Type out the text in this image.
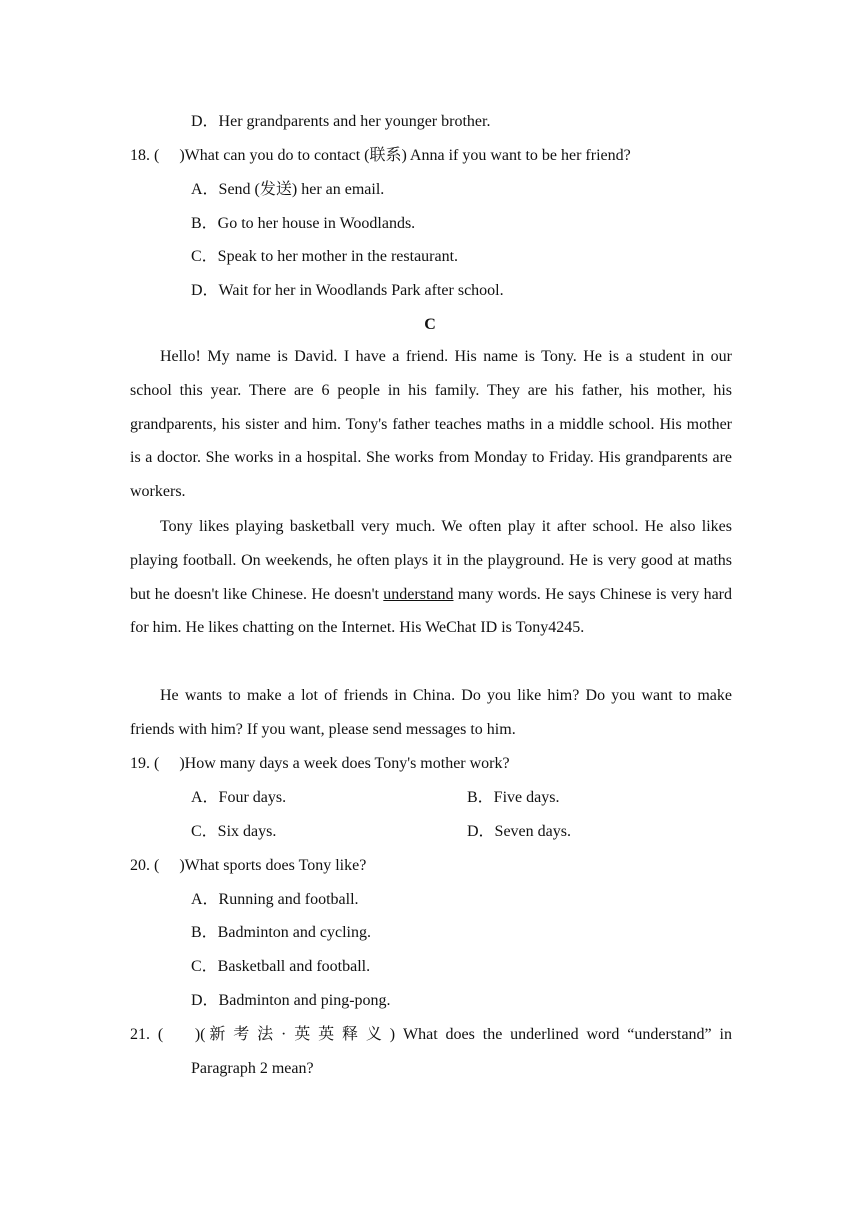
D．Her grandparents and her younger brother.
18. (　 )What can you do to contact (联系) Anna if you want to be her friend?
A．Send (发送) her an email.
B．Go to her house in Woodlands.
C．Speak to her mother in the restaurant.
D．Wait for her in Woodlands Park after school.
C
Hello! My name is David. I have a friend. His name is Tony. He is a student in our school this year. There are 6 people in his family. They are his father, his mother, his grandparents, his sister and him. Tony's father teaches maths in a middle school. His mother is a doctor. She works in a hospital. She works from Monday to Friday. His grandparents are workers.
Tony likes playing basketball very much. We often play it after school. He also likes playing football. On weekends, he often plays it in the playground. He is very good at maths but he doesn't like Chinese. He doesn't understand many words. He says Chinese is very hard for him. He likes chatting on the Internet. His WeChat ID is Tony4245.
He wants to make a lot of friends in China. Do you like him? Do you want to make friends with him? If you want, please send messages to him.
19. (　 )How many days a week does Tony's mother work?
A．Four days.	B．Five days.
C．Six days.	D．Seven days.
20. (　 )What sports does Tony like?
A．Running and football.
B．Badminton and cycling.
C．Basketball and football.
D．Badminton and ping-pong.
21. (　 )(新考法·英英释义) What does the underlined word “understand” in
Paragraph 2 mean?
